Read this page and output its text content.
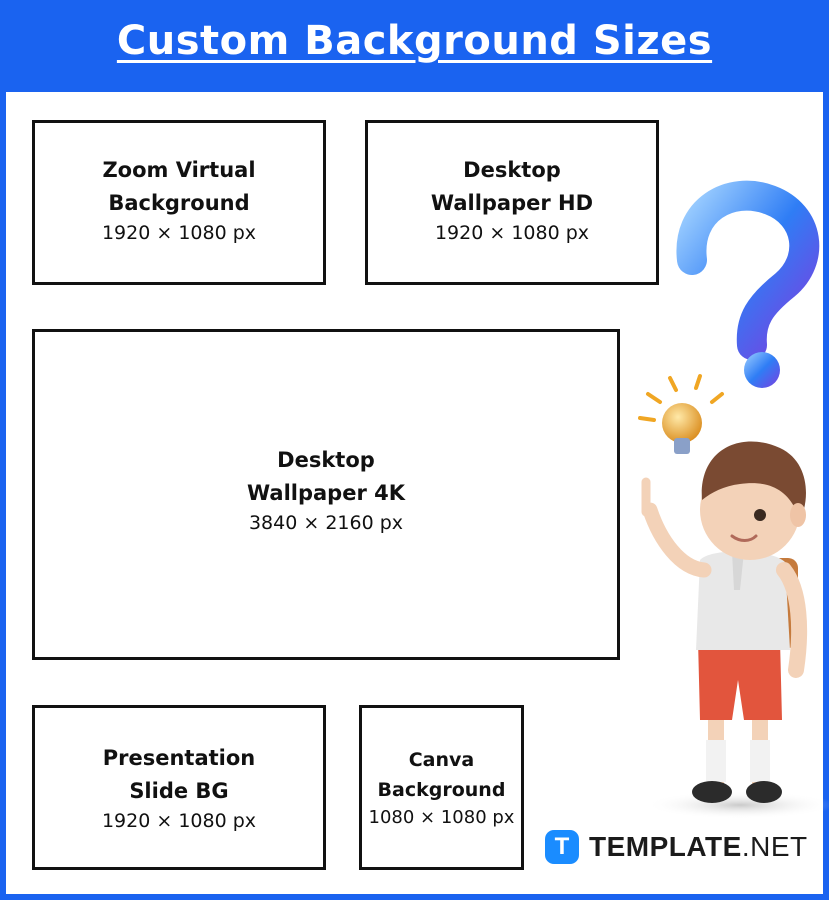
Custom Background Sizes
Zoom Virtual
Background
1920 × 1080 px
Desktop
Wallpaper HD
1920 × 1080 px
Desktop
Wallpaper 4K
3840 × 2160 px
Presentation
Slide BG
1920 × 1080 px
Canva
Background
1080 × 1080 px
T TEMPLATE.NET
